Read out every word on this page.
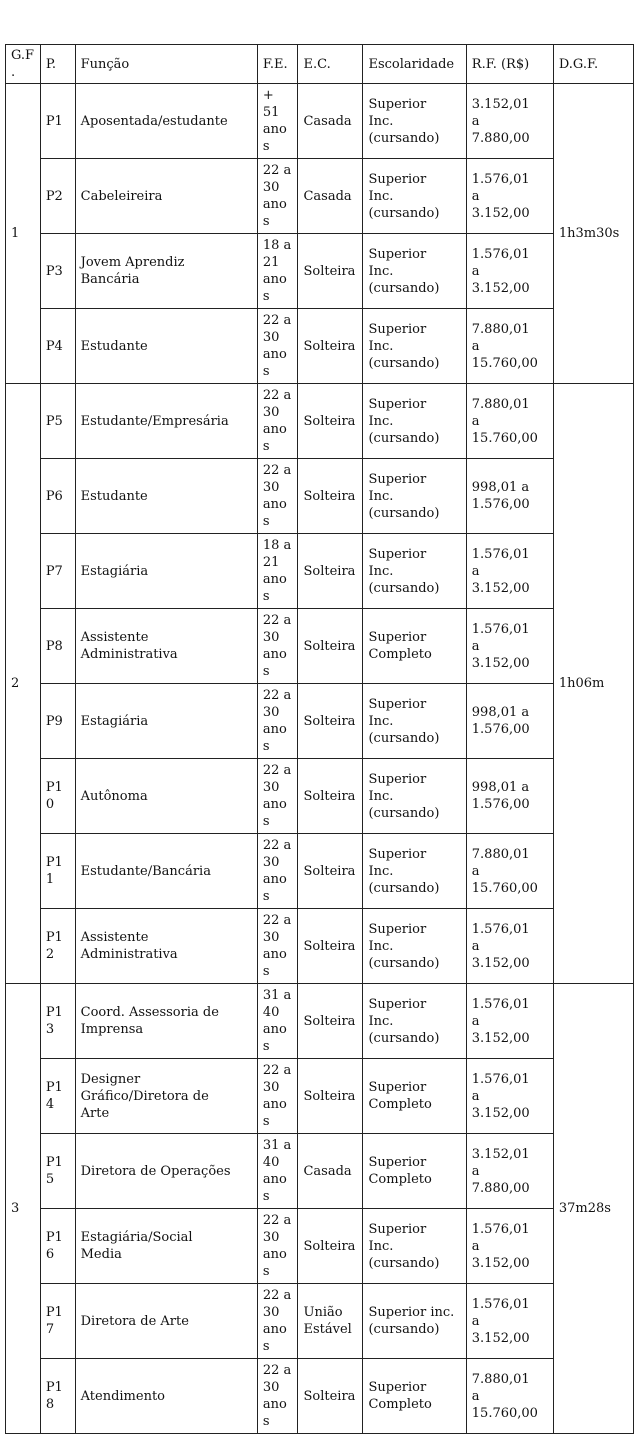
G.F.	P.	Função	F.E.	E.C.	Escolaridade	R.F. (R$)	D.G.F.
1	P1	Aposentada/estudante	+
51
anos	Casada	Superior
Inc.
(cursando)	3.152,01
a
7.880,00	1h3m30s
	P2	Cabeleireira	22 a
30
anos	Casada	Superior
Inc.
(cursando)	1.576,01
a
3.152,00	
	P3	Jovem Aprendiz
Bancária	18 a
21
anos	Solteira	Superior
Inc.
(cursando)	1.576,01
a
3.152,00	
	P4	Estudante	22 a
30
anos	Solteira	Superior
Inc.
(cursando)	7.880,01
a
15.760,00	
2	P5	Estudante/Empresária	22 a
30
anos	Solteira	Superior
Inc.
(cursando)	7.880,01
a
15.760,00	1h06m
	P6	Estudante	22 a
30
anos	Solteira	Superior
Inc.
(cursando)	998,01 a
1.576,00	
	P7	Estagiária	18 a
21
anos	Solteira	Superior
Inc.
(cursando)	1.576,01
a
3.152,00	
	P8	Assistente
Administrativa	22 a
30
anos	Solteira	Superior
Completo	1.576,01
a
3.152,00	
	P9	Estagiária	22 a
30
anos	Solteira	Superior
Inc.
(cursando)	998,01 a
1.576,00	
	P10	Autônoma	22 a
30
anos	Solteira	Superior
Inc.
(cursando)	998,01 a
1.576,00	
	P11	Estudante/Bancária	22 a
30
anos	Solteira	Superior
Inc.
(cursando)	7.880,01
a
15.760,00	
	P12	Assistente
Administrativa	22 a
30
anos	Solteira	Superior
Inc.
(cursando)	1.576,01
a
3.152,00	
3	P13	Coord. Assessoria de
Imprensa	31 a
40
anos	Solteira	Superior
Inc.
(cursando)	1.576,01
a
3.152,00	37m28s
	P14	Designer
Gráfico/Diretora de
Arte	22 a
30
anos	Solteira	Superior
Completo	1.576,01
a
3.152,00	
	P15	Diretora de Operações	31 a
40
anos	Casada	Superior
Completo	3.152,01
a
7.880,00	
	P16	Estagiária/Social
Media	22 a
30
anos	Solteira	Superior
Inc.
(cursando)	1.576,01
a
3.152,00	
	P17	Diretora de Arte	22 a
30
anos	União
Estável	Superior inc.
(cursando)	1.576,01
a
3.152,00	
	P18	Atendimento	22 a
30
anos	Solteira	Superior
Completo	7.880,01
a
15.760,00	
